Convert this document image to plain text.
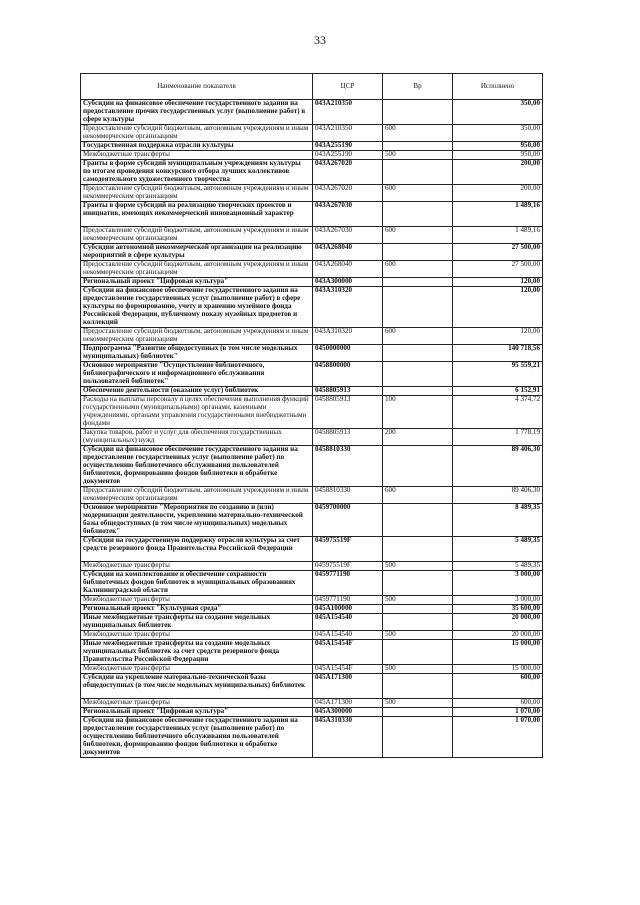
33
Наименование показателя	ЦСР	Вр	Исполнено
Субсидии на финансовое обеспечение государственного задания на предоставление прочих государственных услуг (выполнение работ) в сфере культуры	043А210350		350,00
Предоставление субсидий бюджетным, автономным учреждениям и иным некоммерческим организациям	043А210350	600	350,00
Государственная поддержка отрасли культуры	043А255190		950,00
Межбюджетные трансферты	043А255190	500	950,00
Гранты в форме субсидий муниципальным учреждениям культуры по итогам проведения конкурсного отбора лучших коллективов самодеятельного художественного творчества	043А267020		200,00
Предоставление субсидий бюджетным, автономным учреждениям и иным некоммерческим организациям	043А267020	600	200,00
Гранты в форме субсидий на реализацию творческих проектов и инициатив, имеющих некоммерческий инновационный характер	043А267030		1 489,16
Предоставление субсидий бюджетным, автономным учреждениям и иным некоммерческим организациям	043А267030	600	1 489,16
Субсидии автономной некоммерческой организации на реализацию мероприятий в сфере культуры	043А268040		27 500,00
Предоставление субсидий бюджетным, автономным учреждениям и иным некоммерческим организациям	043А268040	600	27 500,00
Региональный проект "Цифровая культура"	043А300000		120,00
Субсидии на финансовое обеспечение государственного задания на предоставление государственных услуг (выполнение работ) в сфере культуры по формированию, учету и хранению музейного фонда Российской Федерации, публичному показу музейных предметов и коллекций	043А310320		120,00
Предоставление субсидий бюджетным, автономным учреждениям и иным некоммерческим организациям	043А310320	600	120,00
Подпрограмма "Развитие общедоступных (в том числе модельных муниципальных) библиотек"	0450000000		140 718,56
Основное мероприятие "Осуществление библиотечного, библиографического и информационного обслуживания пользователей библиотек"	0458800000		95 559,21
Обеспечение деятельности (оказание услуг) библиотек	0458805913		6 152,91
Расходы на выплаты персоналу в целях обеспечения выполнения функций государственными (муниципальными) органами, казенными учреждениями, органами управления государственными внебюджетными фондами	0458805913	100	4 374,72
Закупка товаров, работ и услуг для обеспечения государственных (муниципальных) нужд	0458805913	200	1 778,19
Субсидии на финансовое обеспечение государственного задания на предоставление государственных услуг (выполнение работ) по осуществлению библиотечного обслуживания пользователей библиотеки, формированию фондов библиотеки и обработке документов	0458810330		89 406,30
Предоставление субсидий бюджетным, автономным учреждениям и иным некоммерческим организациям	0458810330	600	89 406,30
Основное мероприятие "Мероприятия по созданию и (или) модернизации деятельности, укреплению материально-технической базы общедоступных (в том числе муниципальных) модельных библиотек"	0459700000		8 489,35
Субсидии на государственную поддержку отрасли культуры за счет средств резервного фонда Правительства Российской Федерации	045975519F		5 489,35
Межбюджетные трансферты	045975519F	500	5 489,35
Субсидии на комплектование и обеспечение сохранности библиотечных фондов библиотек в муниципальных образованиях Калининградской области	0459771190		3 000,00
Межбюджетные трансферты	0459771190	500	3 000,00
Региональный проект "Культурная среда"	045А100000		35 600,00
Иные межбюджетные трансферты на создание модельных муниципальных библиотек	045А154540		20 000,00
Межбюджетные трансферты	045А154540	500	20 000,00
Иные межбюджетные трансферты на создание модельных муниципальных библиотек за счет средств резервного фонда Правительства Российской Федерации	045А15454F		15 000,00
Межбюджетные трансферты	045А15454F	500	15 000,00
Субсидии на укрепление материально-технической базы общедоступных (в том числе модельных муниципальных) библиотек	045А171300		600,00
Межбюджетные трансферты	045А171300	500	600,00
Региональный проект "Цифровая культура"	045А300000		1 070,00
Субсидии на финансовое обеспечение государственного задания на предоставление государственных услуг (выполнение работ) по осуществлению библиотечного обслуживания пользователей библиотеки, формированию фондов библиотеки и обработке документов	045А310330		1 070,00
